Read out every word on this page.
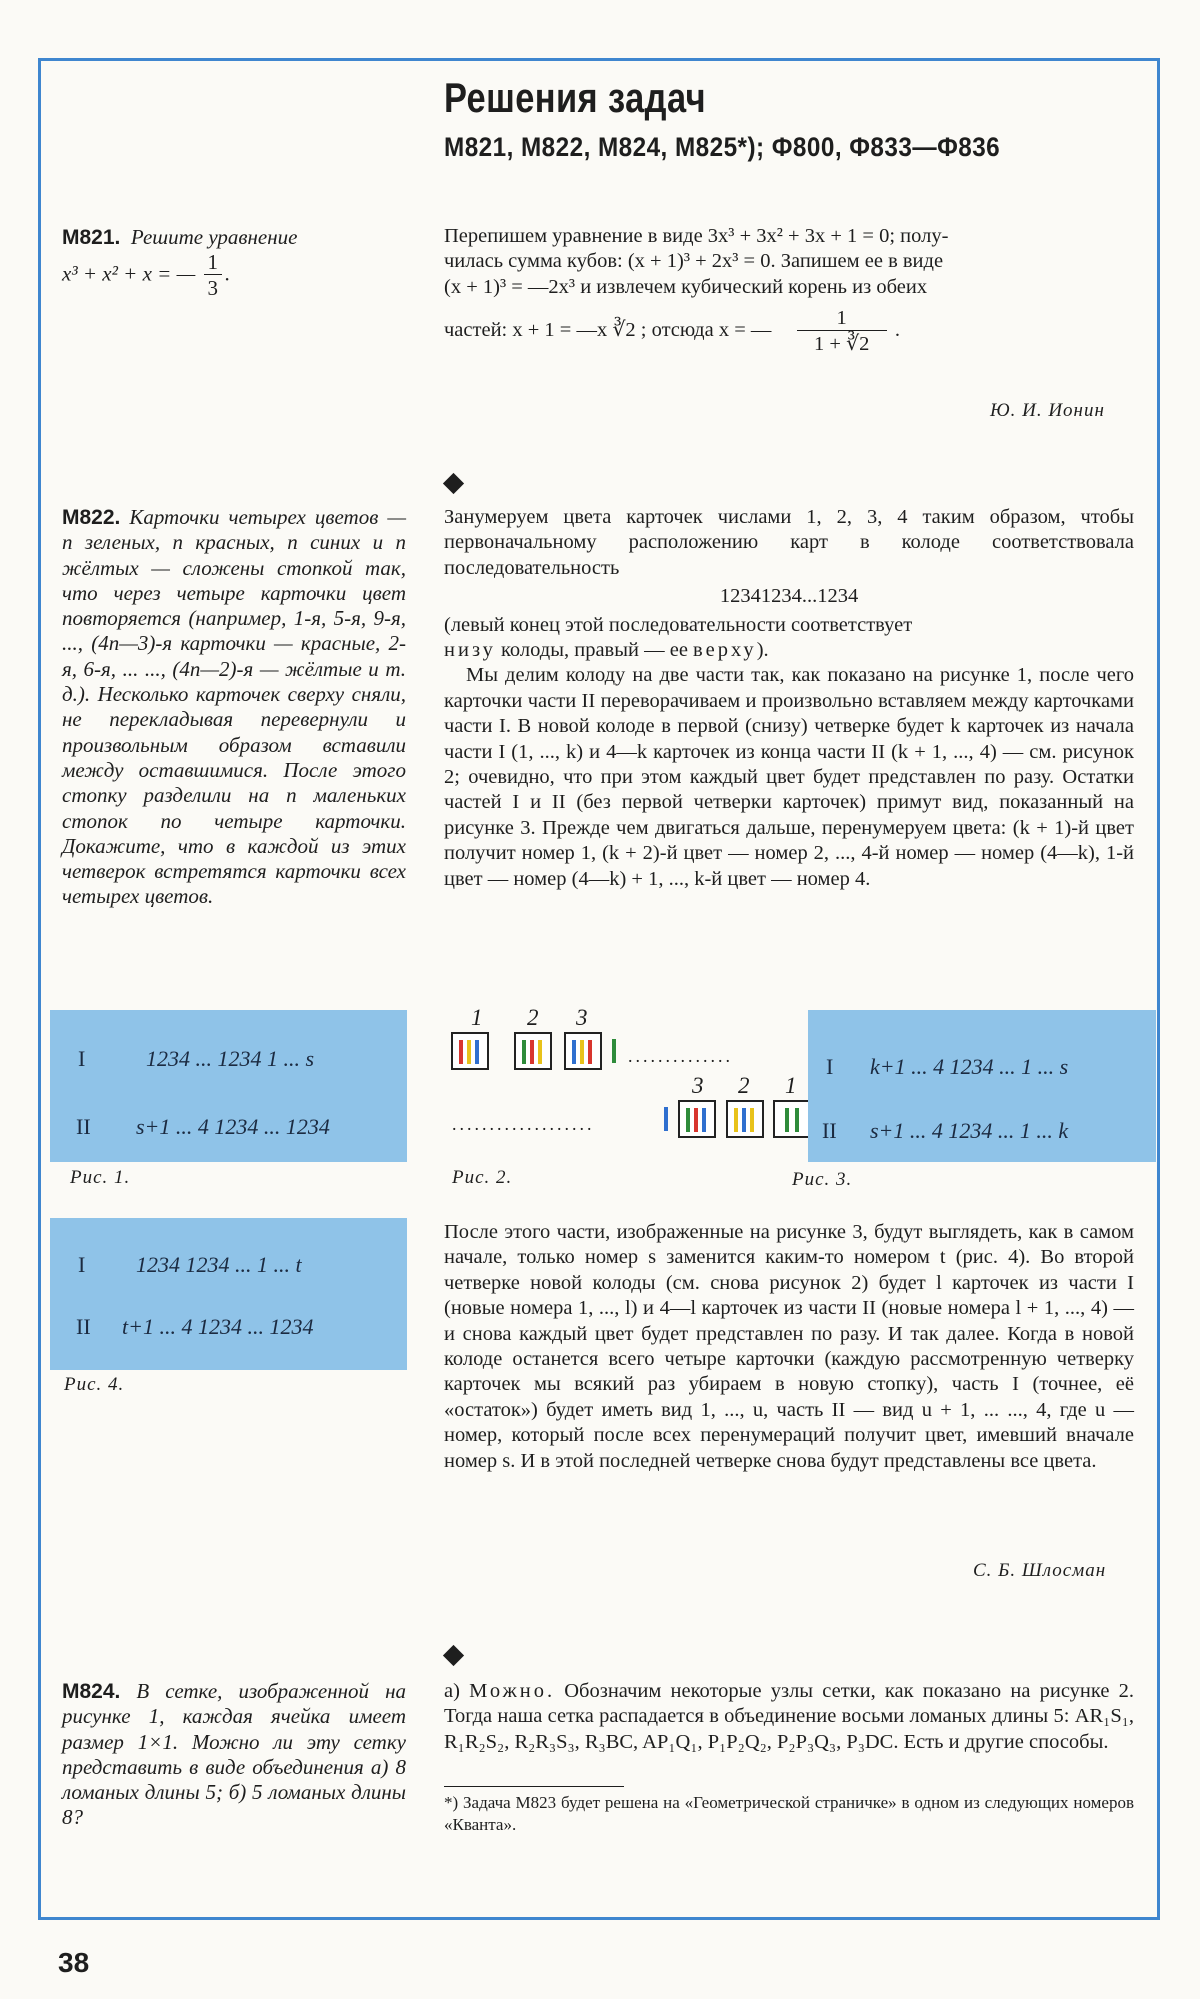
Решения задач
М821, М822, М824, М825*); Ф800, Ф833—Ф836
М821. Решите уравнение
x³ + x² + x = — $\frac{1}{3}$ .
Перепишем уравнение в виде 3x³ + 3x² + 3x + 1 = 0; полу-
чилась сумма кубов: (x + 1)³ + 2x³ = 0. Запишем ее в виде
(x + 1)³ = —2x³ и извлечем кубический корень из обеих
частей: x + 1 = —x ∛2 ; отсюда x = — $\frac{1}{1 + ∛2}$ .
Ю. И. Ионин
М822. Карточки четырех цветов — n зеленых, n красных, n синих и n жёлтых — сложены стопкой так, что через четыре карточки цвет повторяется (например, 1-я, 5-я, 9-я, ..., (4n—3)-я карточки — красные, 2-я, 6-я, ... ..., (4n—2)-я — жёлтые и т. д.). Несколько карточек сверху сняли, не перекладывая перевернули и произвольным образом вставили между оставшимися. После этого стопку разделили на n маленьких стопок по четыре карточки. Докажите, что в каждой из этих четверок встретятся карточки всех четырех цветов.
Занумеруем цвета карточек числами 1, 2, 3, 4 таким образом, чтобы первоначальному расположению карт в колоде соответствовала последовательность
12341234...1234
(левый конец этой последовательности соответствует
низу колоды, правый — ее верху).
Мы делим колоду на две части так, как показано на рисунке 1, после чего карточки части II переворачиваем и произвольно вставляем между карточками части I. В новой колоде в первой (снизу) четверке будет k карточек из начала части I (1, ..., k) и 4—k карточек из конца части II (k + 1, ..., 4) — см. рисунок 2; очевидно, что при этом каждый цвет будет представлен по разу. Остатки частей I и II (без первой четверки карточек) примут вид, показанный на рисунке 3. Прежде чем двигаться дальше, перенумеруем цвета: (k + 1)-й цвет получит номер 1, (k + 2)-й цвет — номер 2, ..., 4-й номер — номер (4—k), 1-й цвет — номер (4—k) + 1, ..., k-й цвет — номер 4.
I	1234 ... 1234 1 ... s
II s+1 ... 4 1234 ... 1234
Рис. 1.
1 2 3
..............
3 2 1
...................
Рис. 2.
I k+1 ... 4 1234 ... 1 ... s
II s+1 ... 4 1234 ... 1 ... k
Рис. 3.
I 1234 1234 ... 1 ... t
II t+1 ... 4 1234 ... 1234
Рис. 4.
После этого части, изображенные на рисунке 3, будут выглядеть, как в самом начале, только номер s заменится каким-то номером t (рис. 4). Во второй четверке новой колоды (см. снова рисунок 2) будет l карточек из части I (новые номера 1, ..., l) и 4—l карточек из части II (новые номера l + 1, ..., 4) — и снова каждый цвет будет представлен по разу. И так далее. Когда в новой колоде останется всего четыре карточки (каждую рассмотренную четверку карточек мы всякий раз убираем в новую стопку), часть I (точнее, её «остаток») будет иметь вид 1, ..., u, часть II — вид u + 1, ... ..., 4, где u — номер, который после всех перенумераций получит цвет, имевший вначале номер s. И в этой последней четверке снова будут представлены все цвета.
С. Б. Шлосман
М824. В сетке, изображенной на рисунке 1, каждая ячейка имеет размер 1×1. Можно ли эту сетку представить в виде объединения а) 8 ломаных длины 5; б) 5 ломаных длины 8?
а) Можно. Обозначим некоторые узлы сетки, как показано на рисунке 2. Тогда наша сетка распадается в объединение восьми ломаных длины 5: AR₁S₁, R₁R₂S₂, R₂R₃S₃, R₃BC, AP₁Q₁, P₁P₂Q₂, P₂P₃Q₃, P₃DC. Есть и другие способы.
*) Задача М823 будет решена на «Геометрической страничке» в одном из следующих номеров «Кванта».
38
